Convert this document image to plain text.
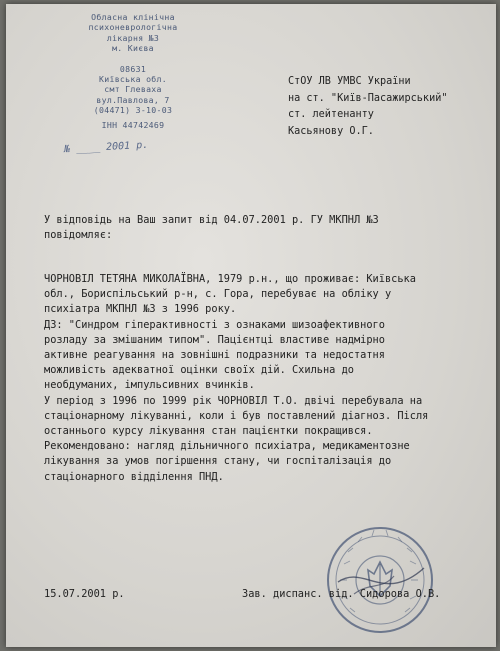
Обласна клінічна
психоневрологічна
лікарня №3
м. Києва
08631
Київська обл.
смт Глеваха
вул.Павлова, 7
(04471) 3-10-03
ІНН 44742469
№ ____ 2001 р.
СтОУ ЛВ УМВС України
на ст. "Київ-Пасажирський"
ст. лейтенанту
Касьянову О.Г.
У відповідь на Ваш запит від 04.07.2001 р. ГУ МКПНЛ №3
повідомляє:
ЧОРНОВІЛ ТЕТЯНА МИКОЛАЇВНА, 1979 р.н., що проживає: Київська
обл., Бориспільський р-н, с. Гора, перебуває на обліку у
психіатра МКПНЛ №3 з 1996 року.
ДЗ: "Синдром гіперактивності з ознаками шизоафективного
розладу за змішаним типом". Пацієнтці властиве надмірно
активне реагування на зовнішні подразники та недостатня
можливість адекватної оцінки своїх дій. Схильна до
необдуманих, імпульсивних вчинків.
У період з 1996 по 1999 рік ЧОРНОВІЛ Т.О. двічі перебувала на
стаціонарному лікуванні, коли і був поставлений діагноз. Після
останнього курсу лікування стан пацієнтки покращився.
Рекомендовано: нагляд дільничного психіатра, медикаментозне
лікування за умов погіршення стану, чи госпіталізація до
стаціонарного відділення ПНД.
15.07.2001 р.	Зав. диспанс. від. Сидорова О.В.
